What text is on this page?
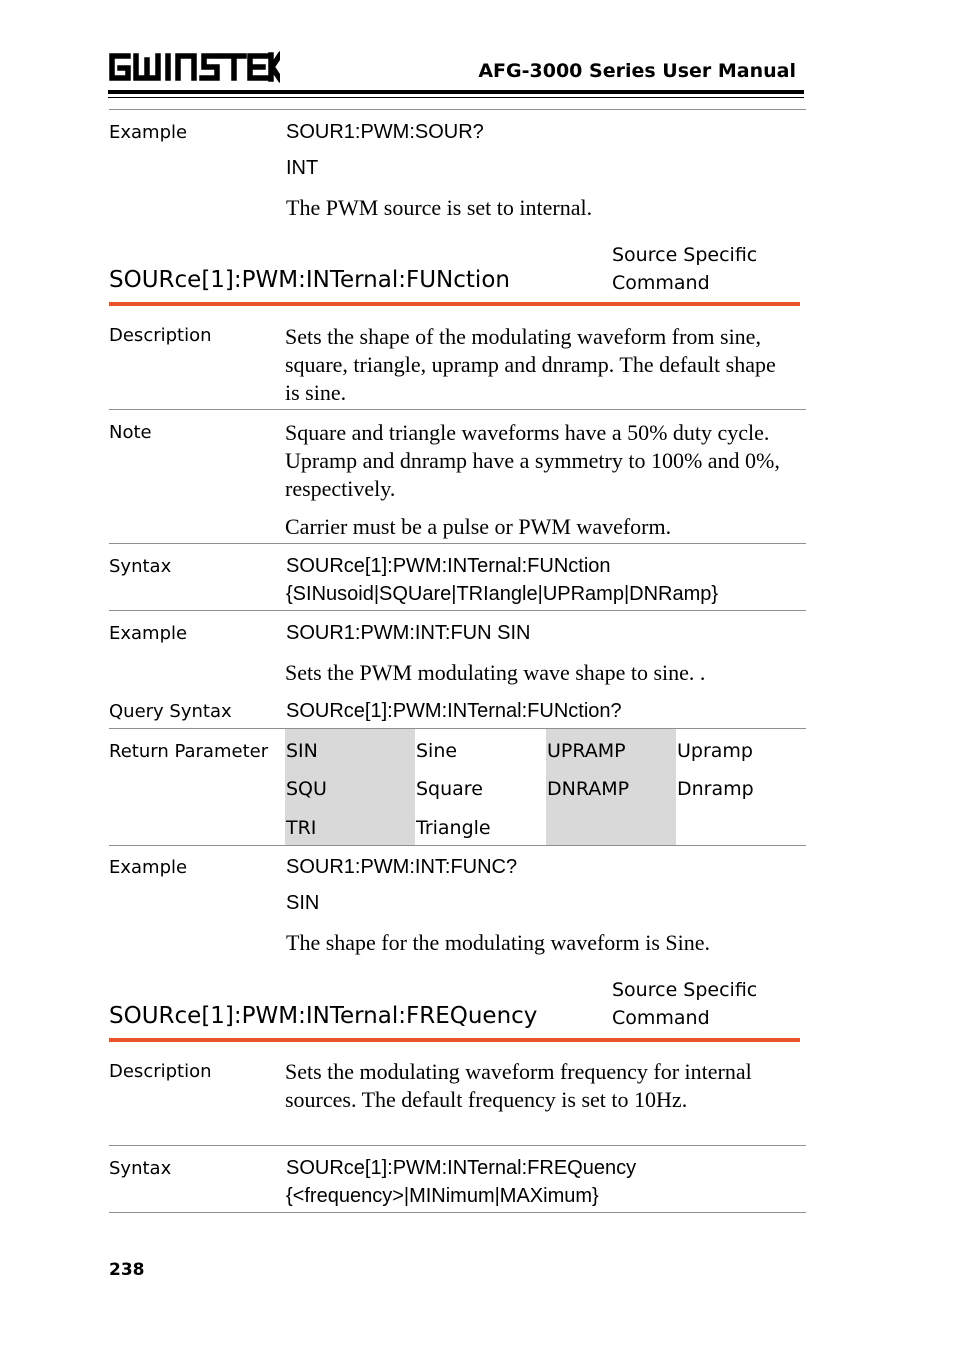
AFG-3000 Series User Manual
Example	SOUR1:PWM:SOUR?
INT
The PWM source is set to internal.
SOURce[1]:PWM:INTernal:FUNction
Source Specific
Command
Description	Sets the shape of the modulating waveform from sine, square, triangle, upramp and dnramp. The default shape is sine.
Note	Square and triangle waveforms have a 50% duty cycle. Upramp and dnramp have a symmetry to 100% and 0%, respectively.
Carrier must be a pulse or PWM waveform.
Syntax	SOURce[1]:PWM:INTernal:FUNction
{SINusoid|SQUare|TRIangle|UPRamp|DNRamp}
Example	SOUR1:PWM:INT:FUN SIN
Sets the PWM modulating wave shape to sine. .
Query Syntax	SOURce[1]:PWM:INTernal:FUNction?
Return Parameter SIN	Sine	UPRAMP	Upramp
SQU	Square	DNRAMP	Dnramp
TRI	Triangle
Example	SOUR1:PWM:INT:FUNC?
SIN
The shape for the modulating waveform is Sine.
SOURce[1]:PWM:INTernal:FREQuency
Source Specific
Command
Description	Sets the modulating waveform frequency for internal sources. The default frequency is set to 10Hz.
Syntax	SOURce[1]:PWM:INTernal:FREQuency
{<frequency>|MINimum|MAXimum}
238
